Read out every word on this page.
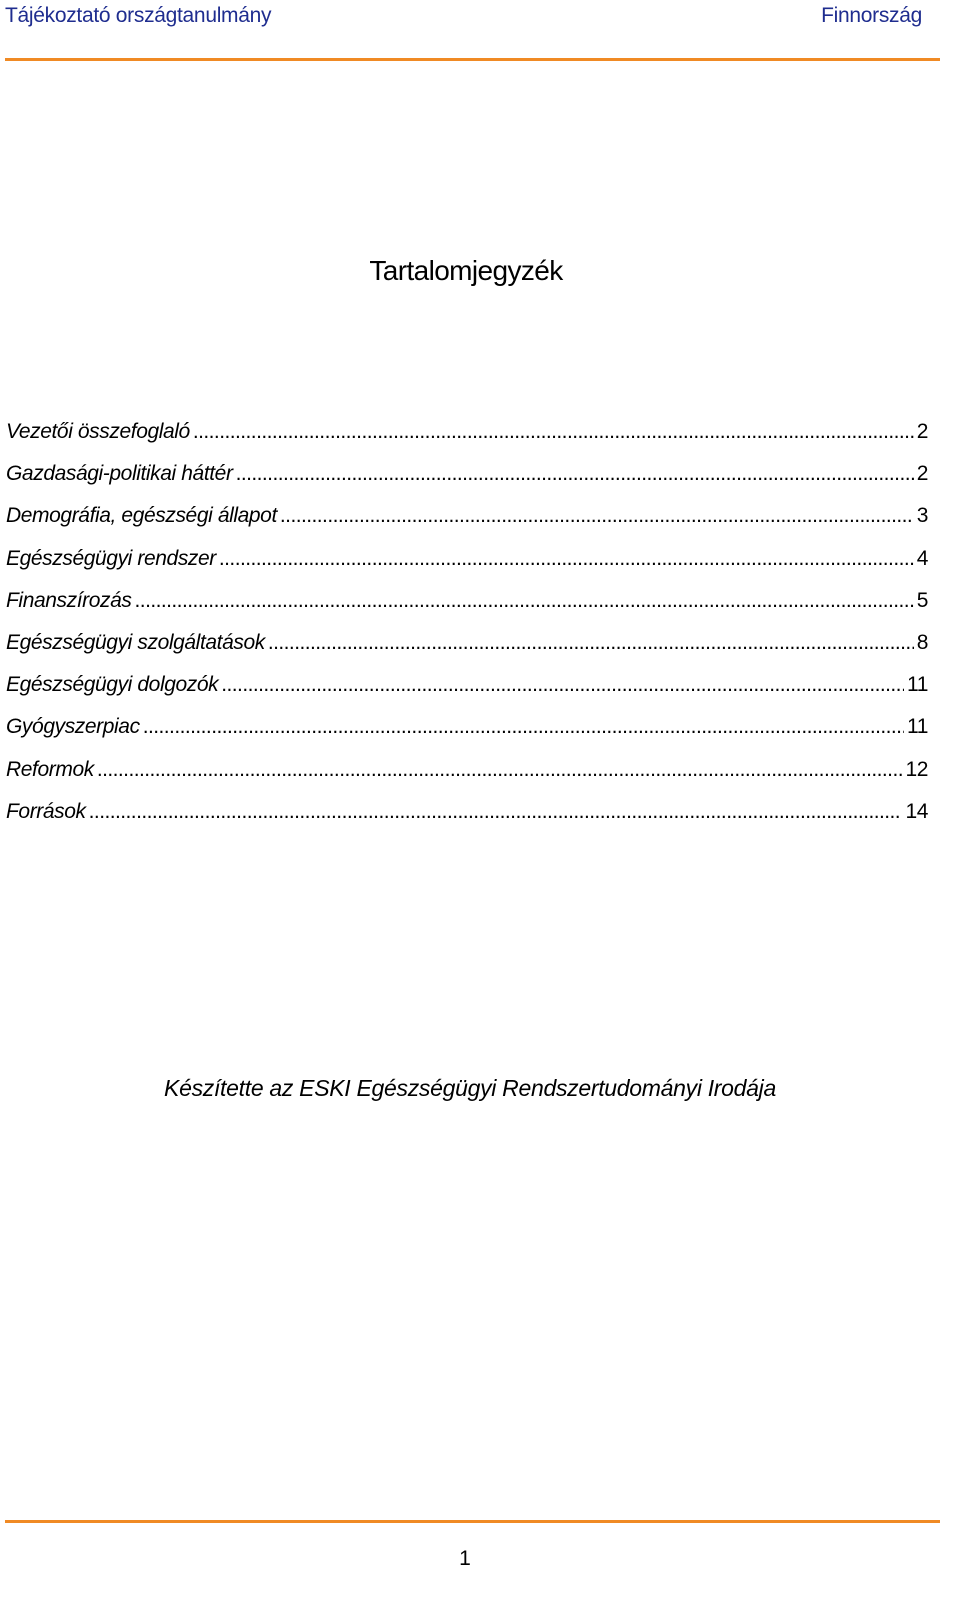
Tájékoztató országtanulmány	Finnország
Tartalomjegyzék
Vezetői összefoglaló . . .	2
Gazdasági-politikai háttér . . .	2
Demográfia, egészségi állapot . . .	3
Egészségügyi rendszer . . .	4
Finanszírozás . . .	5
Egészségügyi szolgáltatások . . .	8
Egészségügyi dolgozók . . .	11
Gyógyszerpiac . . .	11
Reformok . . .	12
Források . . .	14
Készítette az ESKI Egészségügyi Rendszertudományi Irodája
1
